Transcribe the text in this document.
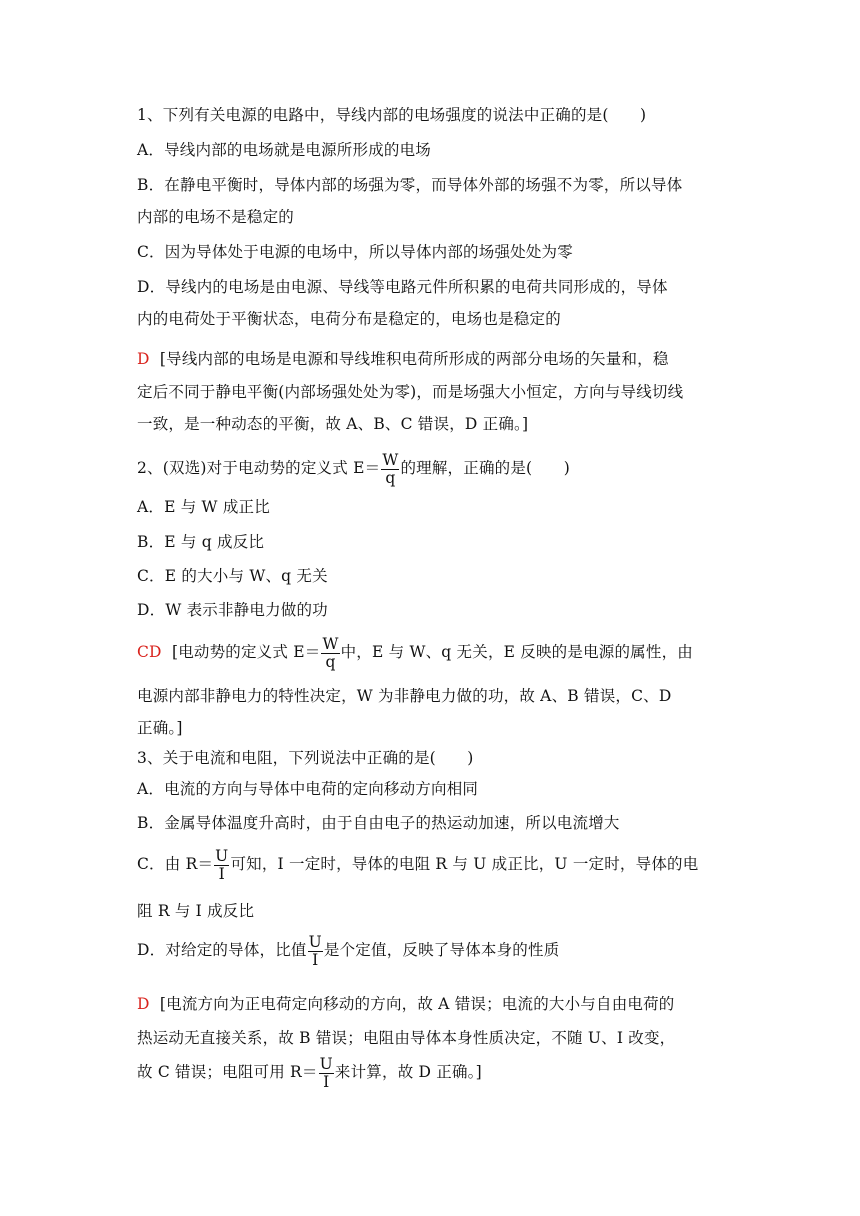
1、下列有关电源的电路中，导线内部的电场强度的说法中正确的是(　　)
A．导线内部的电场就是电源所形成的电场
B．在静电平衡时，导体内部的场强为零，而导体外部的场强不为零，所以导体
内部的电场不是稳定的
C．因为导体处于电源的电场中，所以导体内部的场强处处为零
D．导线内的电场是由电源、导线等电路元件所积累的电荷共同形成的，导体
内的电荷处于平衡状态，电荷分布是稳定的，电场也是稳定的
D [导线内部的电场是电源和导线堆积电荷所形成的两部分电场的矢量和，稳
定后不同于静电平衡(内部场强处处为零)，而是场强大小恒定，方向与导线切线
一致，是一种动态的平衡，故 A、B、C 错误，D 正确。]
2、(双选)对于电动势的定义式 $E= \frac{W}{q}$ 的理解，正确的是(　　)
A．E 与 W 成正比
B．E 与 q 成反比
C．E 的大小与 W、q 无关
D．W 表示非静电力做的功
CD [电动势的定义式 $E= \frac{W}{q}$ 中，E 与 W、q 无关，E 反映的是电源的属性，由
电源内部非静电力的特性决定，W 为非静电力做的功，故 A、B 错误，C、D
正确。]
3、关于电流和电阻，下列说法中正确的是(　　)
A．电流的方向与导体中电荷的定向移动方向相同
B．金属导体温度升高时，由于自由电子的热运动加速，所以电流增大
C．由 $R= \frac{U}{I}$ 可知，I 一定时，导体的电阻 R 与 U 成正比，U 一定时，导体的电
阻 R 与 I 成反比
D．对给定的导体，比值 $\frac{U}{I}$ 是个定值，反映了导体本身的性质
D [电流方向为正电荷定向移动的方向，故 A 错误；电流的大小与自由电荷的
热运动无直接关系，故 B 错误；电阻由导体本身性质决定，不随 U、I 改变，
故 C 错误；电阻可用 $R= \frac{U}{I}$ 来计算，故 D 正确。]
